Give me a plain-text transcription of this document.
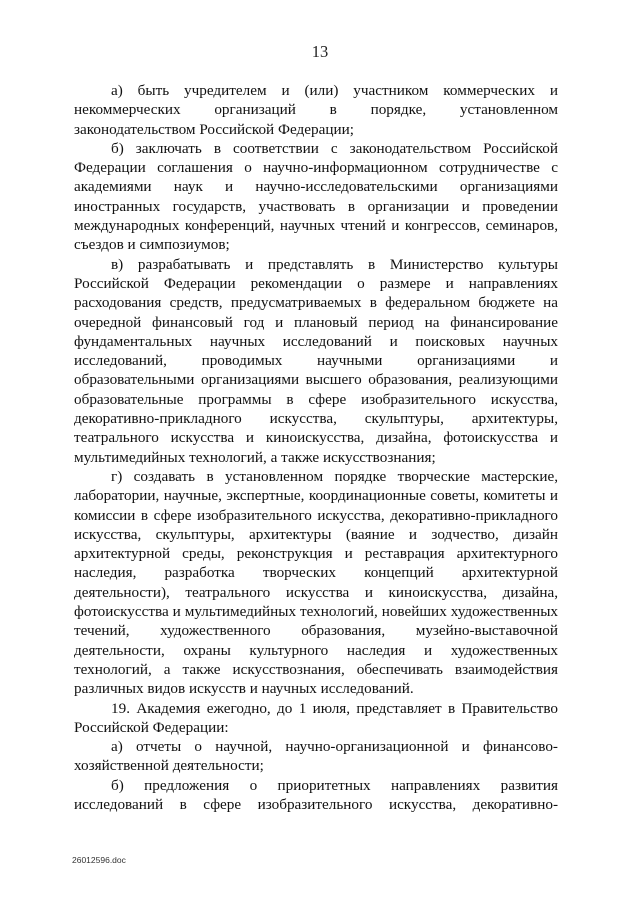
13

а) быть учредителем и (или) участником коммерческих и некоммерческих организаций в порядке, установленном законодательством Российской Федерации;

б) заключать в соответствии с законодательством Российской Федерации соглашения о научно-информационном сотрудничестве с академиями наук и научно-исследовательскими организациями иностранных государств, участвовать в организации и проведении международных конференций, научных чтений и конгрессов, семинаров, съездов и симпозиумов;

в) разрабатывать и представлять в Министерство культуры Российской Федерации рекомендации о размере и направлениях расходования средств, предусматриваемых в федеральном бюджете на очередной финансовый год и плановый период на финансирование фундаментальных научных исследований и поисковых научных исследований, проводимых научными организациями и образовательными организациями высшего образования, реализующими образовательные программы в сфере изобразительного искусства, декоративно-прикладного искусства, скульптуры, архитектуры, театрального искусства и киноискусства, дизайна, фотоискусства и мультимедийных технологий, а также искусствознания;

г) создавать в установленном порядке творческие мастерские, лаборатории, научные, экспертные, координационные советы, комитеты и комиссии в сфере изобразительного искусства, декоративно-прикладного искусства, скульптуры, архитектуры (ваяние и зодчество, дизайн архитектурной среды, реконструкция и реставрация архитектурного наследия, разработка творческих концепций архитектурной деятельности), театрального искусства и киноискусства, дизайна, фотоискусства и мультимедийных технологий, новейших художественных течений, художественного образования, музейно-выставочной деятельности, охраны культурного наследия и художественных технологий, а также искусствознания, обеспечивать взаимодействия различных видов искусств и научных исследований.

19. Академия ежегодно, до 1 июля, представляет в Правительство Российской Федерации:

а) отчеты о научной, научно-организационной и финансово-хозяйственной деятельности;

б) предложения о приоритетных направлениях развития исследований в сфере изобразительного искусства, декоративно-

26012596.doc
